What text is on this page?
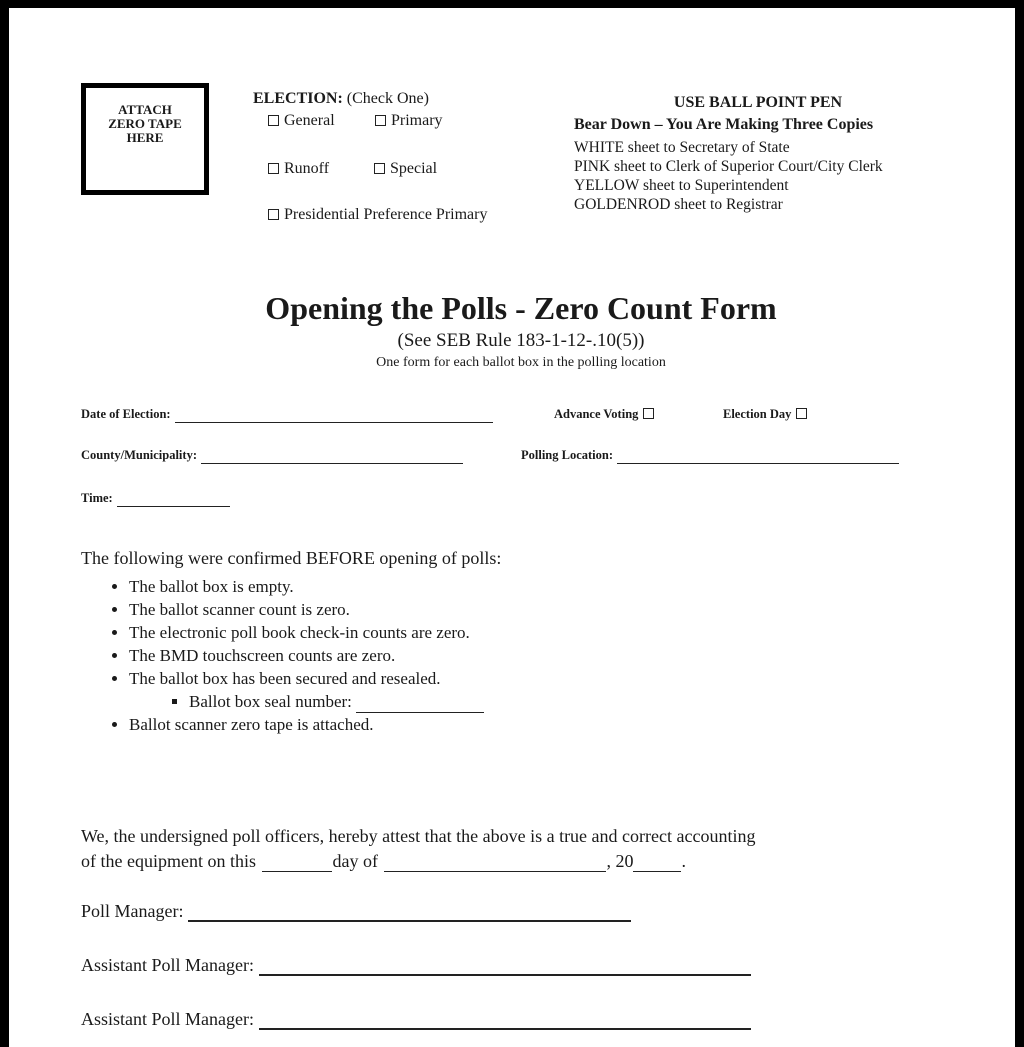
ATTACH
ZERO TAPE
HERE
ELECTION: (Check One)
General	Primary
Runoff	Special
Presidential Preference Primary
USE BALL POINT PEN
Bear Down – You Are Making Three Copies
WHITE sheet to Secretary of State
PINK sheet to Clerk of Superior Court/City Clerk
YELLOW sheet to Superintendent
GOLDENROD sheet to Registrar
Opening the Polls - Zero Count Form
(See SEB Rule 183-1-12-.10(5))
One form for each ballot box in the polling location
Date of Election:	Advance Voting	Election Day
County/Municipality:	Polling Location:
Time:
The following were confirmed BEFORE opening of polls:
• The ballot box is empty.
• The ballot scanner count is zero.
• The electronic poll book check-in counts are zero.
• The BMD touchscreen counts are zero.
• The ballot box has been secured and resealed.
▪ Ballot box seal number:
• Ballot scanner zero tape is attached.
We, the undersigned poll officers, hereby attest that the above is a true and correct accounting
of the equipment on this	day of	, 20	.
Poll Manager:
Assistant Poll Manager:
Assistant Poll Manager:
